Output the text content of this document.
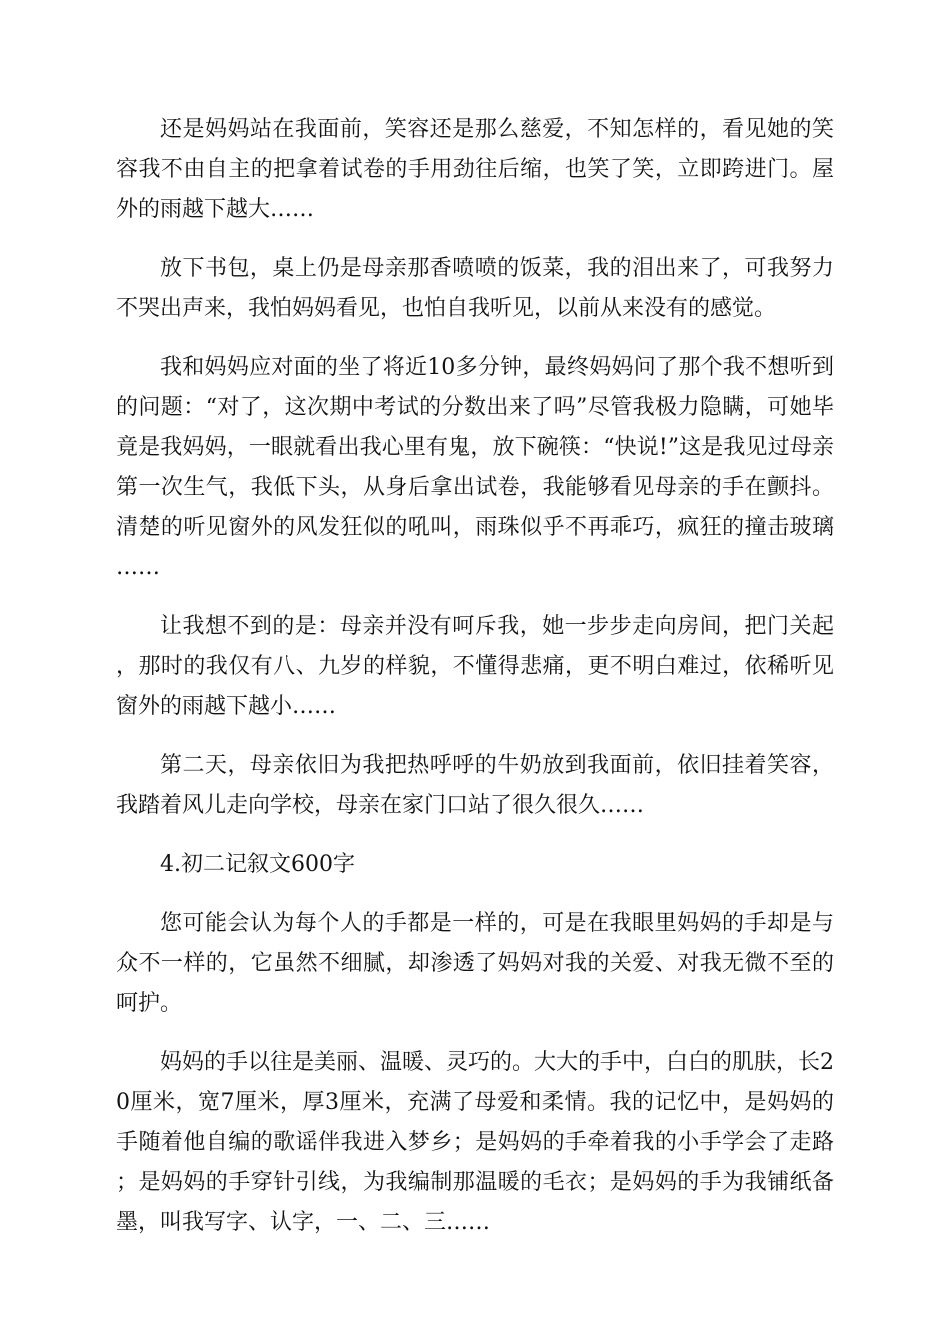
还是妈妈站在我面前，笑容还是那么慈爱，不知怎样的，看见她的笑容我不由自主的把拿着试卷的手用劲往后缩，也笑了笑，立即跨进门。屋外的雨越下越大……

放下书包，桌上仍是母亲那香喷喷的饭菜，我的泪出来了，可我努力不哭出声来，我怕妈妈看见，也怕自我听见，以前从来没有的感觉。

我和妈妈应对面的坐了将近10多分钟，最终妈妈问了那个我不想听到的问题：“对了，这次期中考试的分数出来了吗”尽管我极力隐瞒，可她毕竟是我妈妈，一眼就看出我心里有鬼，放下碗筷：“快说!”这是我见过母亲第一次生气，我低下头，从身后拿出试卷，我能够看见母亲的手在颤抖。清楚的听见窗外的风发狂似的吼叫，雨珠似乎不再乖巧，疯狂的撞击玻璃……

让我想不到的是：母亲并没有呵斥我，她一步步走向房间，把门关起，那时的我仅有八、九岁的样貌，不懂得悲痛，更不明白难过，依稀听见窗外的雨越下越小……

第二天，母亲依旧为我把热呼呼的牛奶放到我面前，依旧挂着笑容，我踏着风儿走向学校，母亲在家门口站了很久很久……

4.初二记叙文600字

您可能会认为每个人的手都是一样的，可是在我眼里妈妈的手却是与众不一样的，它虽然不细腻，却渗透了妈妈对我的关爱、对我无微不至的呵护。

妈妈的手以往是美丽、温暖、灵巧的。大大的手中，白白的肌肤，长20厘米，宽7厘米，厚3厘米，充满了母爱和柔情。我的记忆中，是妈妈的手随着他自编的歌谣伴我进入梦乡；是妈妈的手牵着我的小手学会了走路；是妈妈的手穿针引线，为我编制那温暖的毛衣；是妈妈的手为我铺纸备墨，叫我写字、认字，一、二、三……
